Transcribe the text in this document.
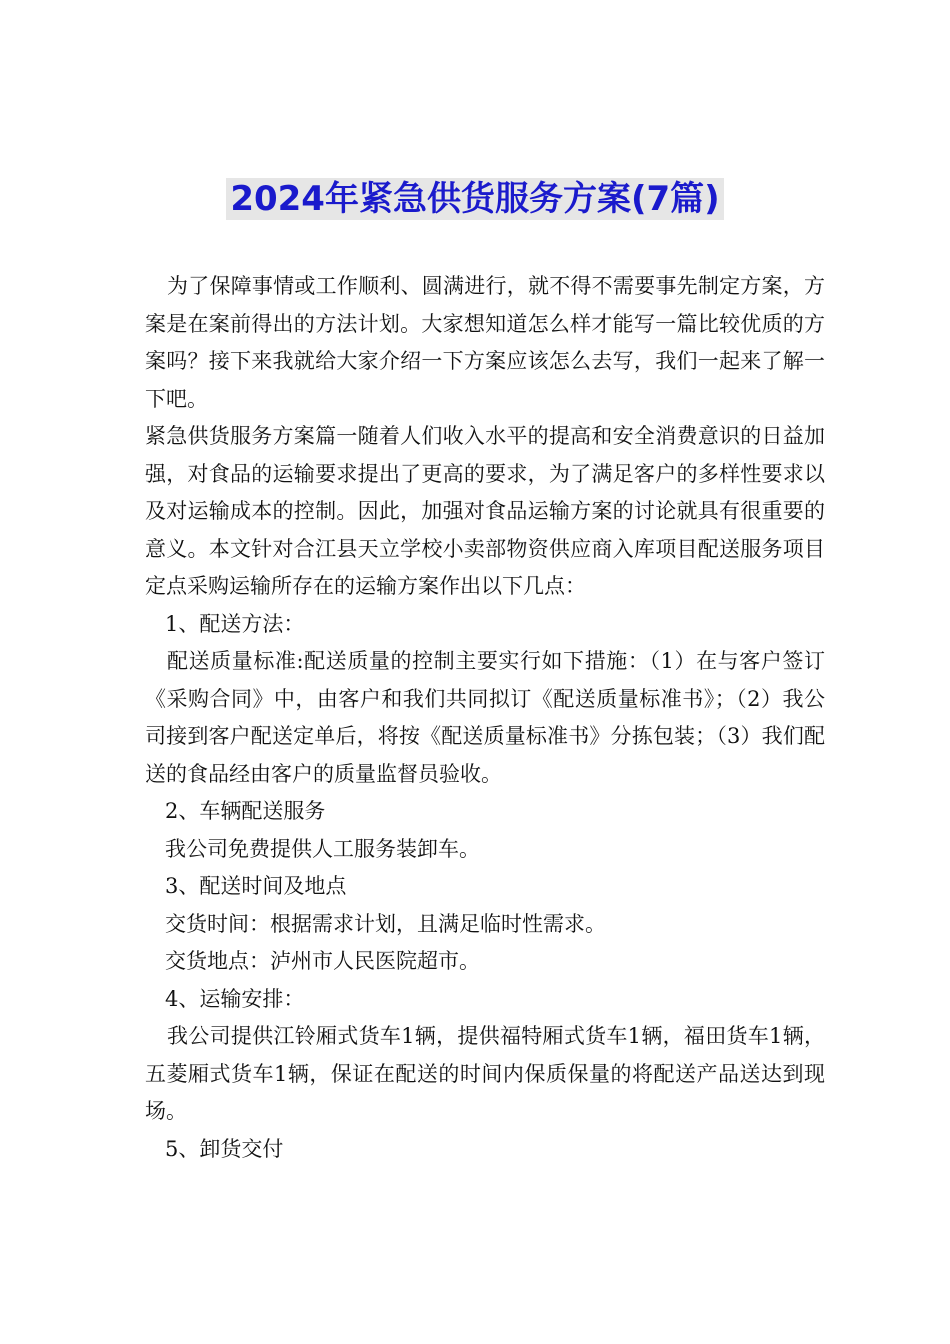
2024年紧急供货服务方案(7篇)

为了保障事情或工作顺利、圆满进行，就不得不需要事先制定方案，方案是在案前得出的方法计划。大家想知道怎么样才能写一篇比较优质的方案吗？接下来我就给大家介绍一下方案应该怎么去写，我们一起来了解一下吧。

紧急供货服务方案篇一随着人们收入水平的提高和安全消费意识的日益加强，对食品的运输要求提出了更高的要求，为了满足客户的多样性要求以及对运输成本的控制。因此，加强对食品运输方案的讨论就具有很重要的意义。本文针对合江县天立学校小卖部物资供应商入库项目配送服务项目定点采购运输所存在的运输方案作出以下几点：

1、配送方法：

配送质量标准:配送质量的控制主要实行如下措施：（1）在与客户签订《采购合同》中，由客户和我们共同拟订《配送质量标准书》；（2）我公司接到客户配送定单后，将按《配送质量标准书》分拣包装；（3）我们配送的食品经由客户的质量监督员验收。

2、车辆配送服务

我公司免费提供人工服务装卸车。

3、配送时间及地点

交货时间：根据需求计划，且满足临时性需求。

交货地点：泸州市人民医院超市。

4、运输安排：

我公司提供江铃厢式货车1辆，提供福特厢式货车1辆，福田货车1辆，五菱厢式货车1辆，保证在配送的时间内保质保量的将配送产品送达到现场。

5、卸货交付
